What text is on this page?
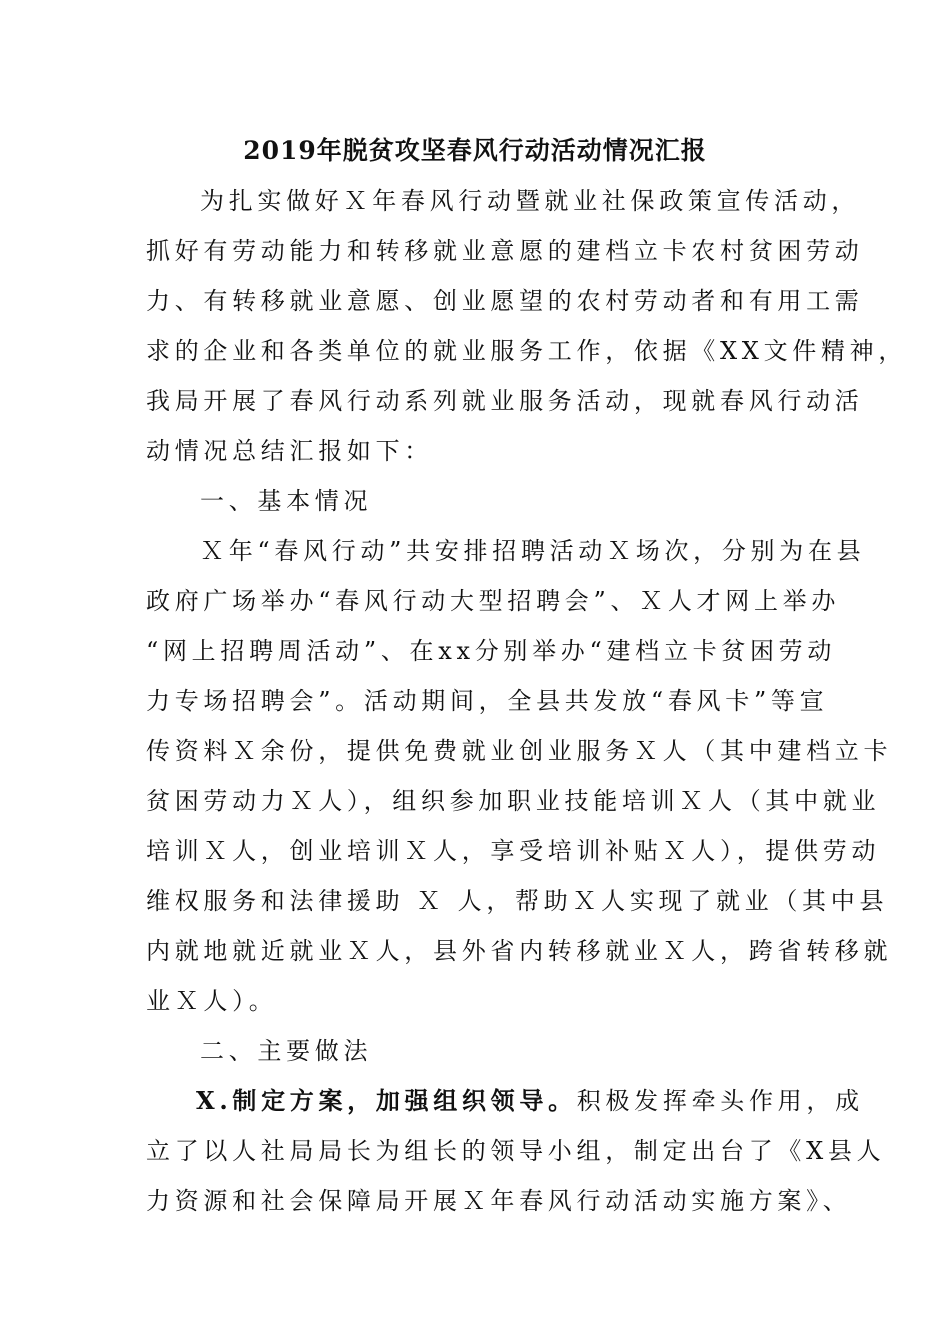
2019年脱贫攻坚春风行动活动情况汇报
为扎实做好Ｘ年春风行动暨就业社保政策宣传活动，
抓好有劳动能力和转移就业意愿的建档立卡农村贫困劳动
力、有转移就业意愿、创业愿望的农村劳动者和有用工需
求的企业和各类单位的就业服务工作，依据《XX文件精神，
我局开展了春风行动系列就业服务活动，现就春风行动活
动情况总结汇报如下：
一、基本情况
Ｘ年“春风行动”共安排招聘活动Ｘ场次，分别为在县
政府广场举办“春风行动大型招聘会”、Ｘ人才网上举办
“网上招聘周活动”、在xx分别举办“建档立卡贫困劳动
力专场招聘会”。活动期间，全县共发放“春风卡”等宣
传资料Ｘ余份，提供免费就业创业服务Ｘ人（其中建档立卡
贫困劳动力Ｘ人），组织参加职业技能培训Ｘ人（其中就业
培训Ｘ人，创业培训Ｘ人，享受培训补贴Ｘ人），提供劳动
维权服务和法律援助 Ｘ 人，帮助Ｘ人实现了就业（其中县
内就地就近就业Ｘ人，县外省内转移就业Ｘ人，跨省转移就
业Ｘ人）。
二、主要做法
X.制定方案，加强组织领导。积极发挥牵头作用，成
立了以人社局局长为组长的领导小组，制定出台了《X县人
力资源和社会保障局开展Ｘ年春风行动活动实施方案》、
